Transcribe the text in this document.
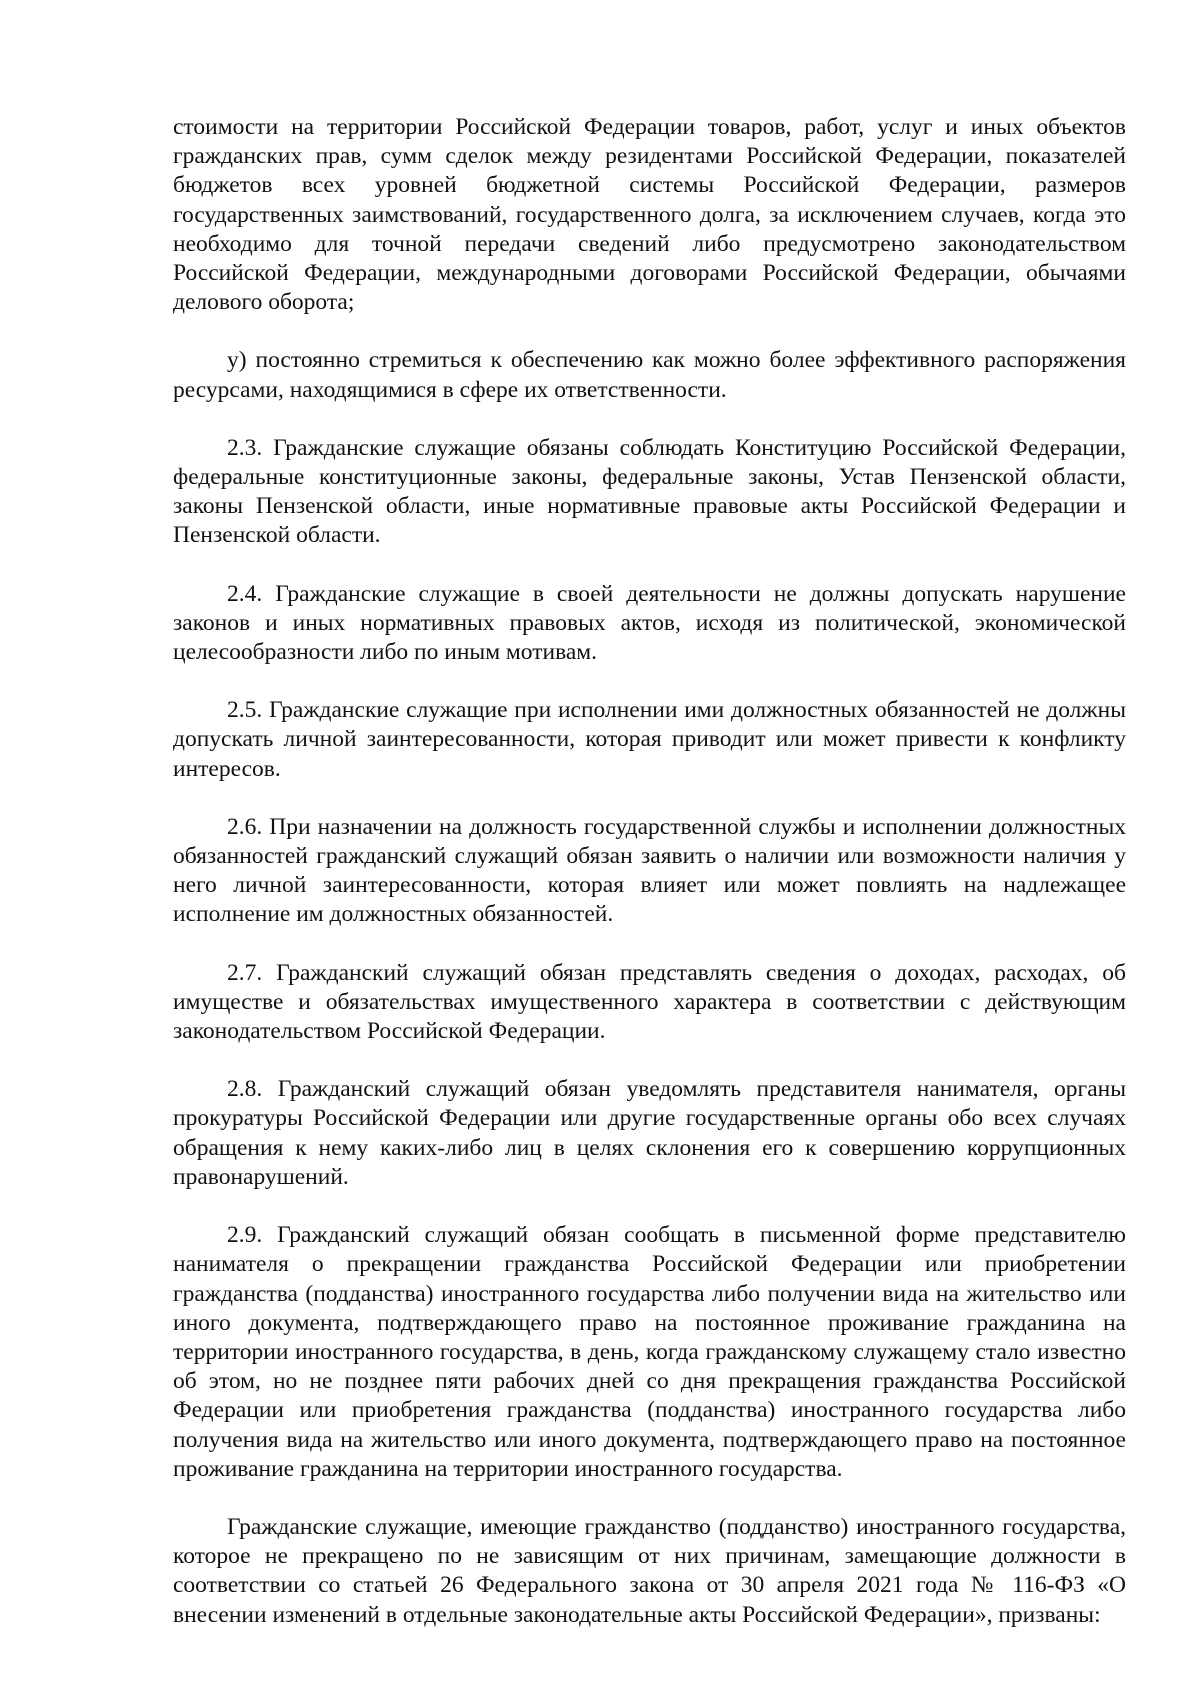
стоимости на территории Российской Федерации товаров, работ, услуг и иных объектов гражданских прав, сумм сделок между резидентами Российской Федерации, показателей бюджетов всех уровней бюджетной системы Российской Федерации, размеров государственных заимствований, государственного долга, за исключением случаев, когда это необходимо для точной передачи сведений либо предусмотрено законодательством Российской Федерации, международными договорами Российской Федерации, обычаями делового оборота;

у) постоянно стремиться к обеспечению как можно более эффективного распоряжения ресурсами, находящимися в сфере их ответственности.

2.3. Гражданские служащие обязаны соблюдать Конституцию Российской Федерации, федеральные конституционные законы, федеральные законы, Устав Пензенской области, законы Пензенской области, иные нормативные правовые акты Российской Федерации и Пензенской области.

2.4. Гражданские служащие в своей деятельности не должны допускать нарушение законов и иных нормативных правовых актов, исходя из политической, экономической целесообразности либо по иным мотивам.

2.5. Гражданские служащие при исполнении ими должностных обязанностей не должны допускать личной заинтересованности, которая приводит или может привести к конфликту интересов.

2.6. При назначении на должность государственной службы и исполнении должностных обязанностей гражданский служащий обязан заявить о наличии или возможности наличия у него личной заинтересованности, которая влияет или может повлиять на надлежащее исполнение им должностных обязанностей.

2.7. Гражданский служащий обязан представлять сведения о доходах, расходах, об имуществе и обязательствах имущественного характера в соответствии с действующим законодательством Российской Федерации.

2.8. Гражданский служащий обязан уведомлять представителя нанимателя, органы прокуратуры Российской Федерации или другие государственные органы обо всех случаях обращения к нему каких-либо лиц в целях склонения его к совершению коррупционных правонарушений.

2.9. Гражданский служащий обязан сообщать в письменной форме представителю нанимателя о прекращении гражданства Российской Федерации или приобретении гражданства (подданства) иностранного государства либо получении вида на жительство или иного документа, подтверждающего право на постоянное проживание гражданина на территории иностранного государства, в день, когда гражданскому служащему стало известно об этом, но не позднее пяти рабочих дней со дня прекращения гражданства Российской Федерации или приобретения гражданства (подданства) иностранного государства либо получения вида на жительство или иного документа, подтверждающего право на постоянное проживание гражданина на территории иностранного государства.

Гражданские служащие, имеющие гражданство (подданство) иностранного государства, которое не прекращено по не зависящим от них причинам, замещающие должности в соответствии со статьей 26 Федерального закона от 30 апреля 2021 года № 116-ФЗ «О внесении изменений в отдельные законодательные акты Российской Федерации», призваны:
